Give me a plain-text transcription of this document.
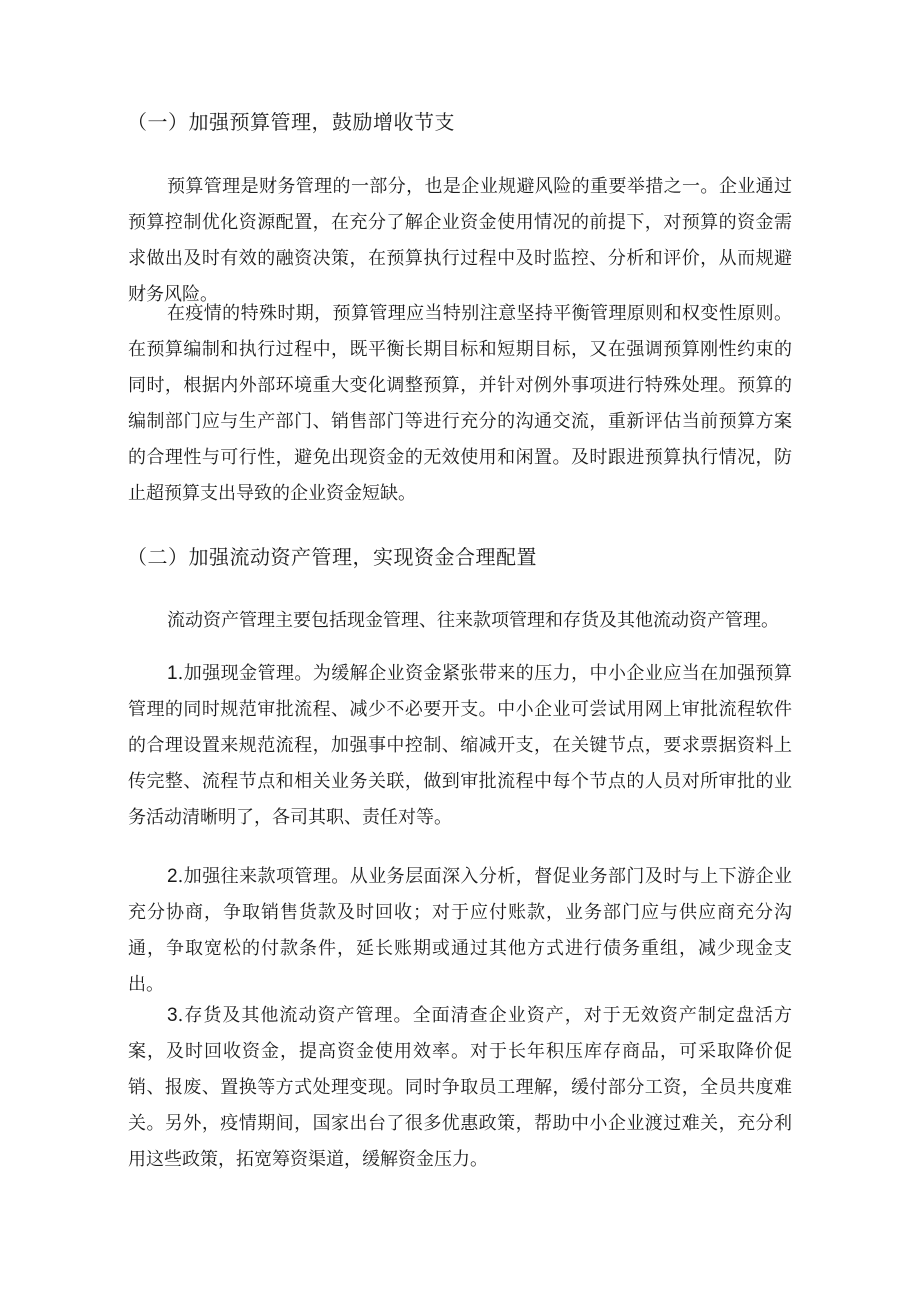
（一）加强预算管理，鼓励增收节支

预算管理是财务管理的一部分，也是企业规避风险的重要举措之一。企业通过预算控制优化资源配置，在充分了解企业资金使用情况的前提下，对预算的资金需求做出及时有效的融资决策，在预算执行过程中及时监控、分析和评价，从而规避财务风险。

在疫情的特殊时期，预算管理应当特别注意坚持平衡管理原则和权变性原则。在预算编制和执行过程中，既平衡长期目标和短期目标，又在强调预算刚性约束的同时，根据内外部环境重大变化调整预算，并针对例外事项进行特殊处理。预算的编制部门应与生产部门、销售部门等进行充分的沟通交流，重新评估当前预算方案的合理性与可行性，避免出现资金的无效使用和闲置。及时跟进预算执行情况，防止超预算支出导致的企业资金短缺。

（二）加强流动资产管理，实现资金合理配置

流动资产管理主要包括现金管理、往来款项管理和存货及其他流动资产管理。

1.加强现金管理。为缓解企业资金紧张带来的压力，中小企业应当在加强预算管理的同时规范审批流程、减少不必要开支。中小企业可尝试用网上审批流程软件的合理设置来规范流程，加强事中控制、缩减开支，在关键节点，要求票据资料上传完整、流程节点和相关业务关联，做到审批流程中每个节点的人员对所审批的业务活动清晰明了，各司其职、责任对等。

2.加强往来款项管理。从业务层面深入分析，督促业务部门及时与上下游企业充分协商，争取销售货款及时回收；对于应付账款，业务部门应与供应商充分沟通，争取宽松的付款条件，延长账期或通过其他方式进行债务重组，减少现金支出。

3.存货及其他流动资产管理。全面清查企业资产，对于无效资产制定盘活方案，及时回收资金，提高资金使用效率。对于长年积压库存商品，可采取降价促销、报废、置换等方式处理变现。同时争取员工理解，缓付部分工资，全员共度难关。另外，疫情期间，国家出台了很多优惠政策，帮助中小企业渡过难关，充分利用这些政策，拓宽筹资渠道，缓解资金压力。
